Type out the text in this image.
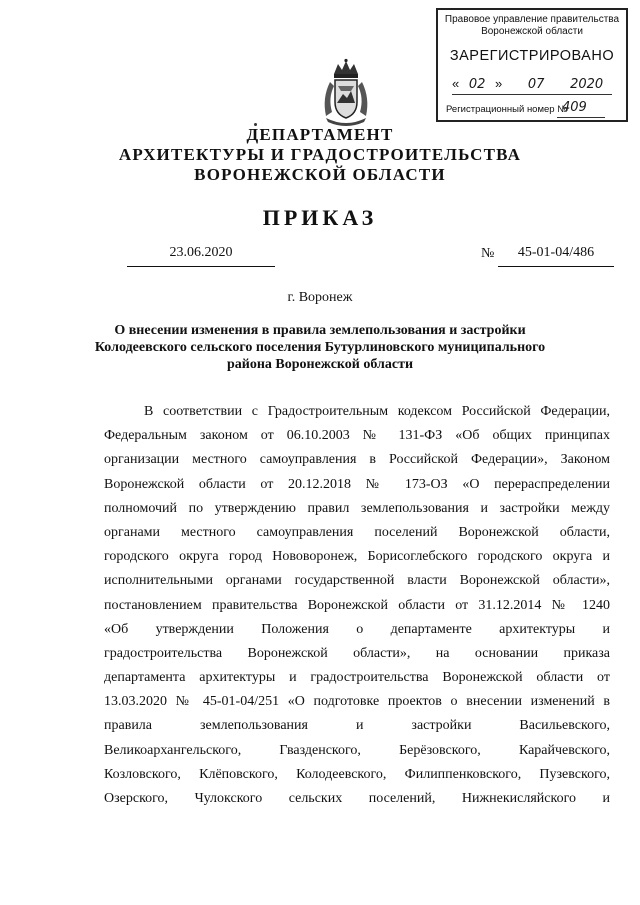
Правовое управление правительства
Воронежской области
ЗАРЕГИСТРИРОВАНО
« 02 » 07 2020
Регистрационный номер №
409
ДЕПАРТАМЕНТ
АРХИТЕКТУРЫ И ГРАДОСТРОИТЕЛЬСТВА
ВОРОНЕЖСКОЙ ОБЛАСТИ
ПРИКАЗ
23.06.2020	№	45-01-04/486
г. Воронеж
О внесении изменения в правила землепользования и застройки
Колодеевского сельского поселения Бутурлиновского муниципального
района Воронежской области
В соответствии с Градостроительным кодексом Российской Федерации,
Федеральным законом от 06.10.2003 № 131-ФЗ «Об общих принципах
организации местного самоуправления в Российской Федерации», Законом
Воронежской области от 20.12.2018 № 173-ОЗ «О перераспределении
полномочий по утверждению правил землепользования и застройки между
органами местного самоуправления поселений Воронежской области,
городского округа город Нововоронеж, Борисоглебского городского округа и
исполнительными органами государственной власти Воронежской области»,
постановлением правительства Воронежской области от 31.12.2014 № 1240
«Об утверждении Положения о департаменте архитектуры и
градостроительства Воронежской области», на основании приказа
департамента архитектуры и градостроительства Воронежской области от
13.03.2020 № 45-01-04/251 «О подготовке проектов о внесении изменений в
правила землепользования и застройки Васильевского,
Великоархангельского, Гвазденского, Берёзовского, Карайчевского,
Козловского, Клёповского, Колодеевского, Филиппенковского, Пузевского,
Озерского, Чулокского сельских поселений, Нижнекисляйского и
